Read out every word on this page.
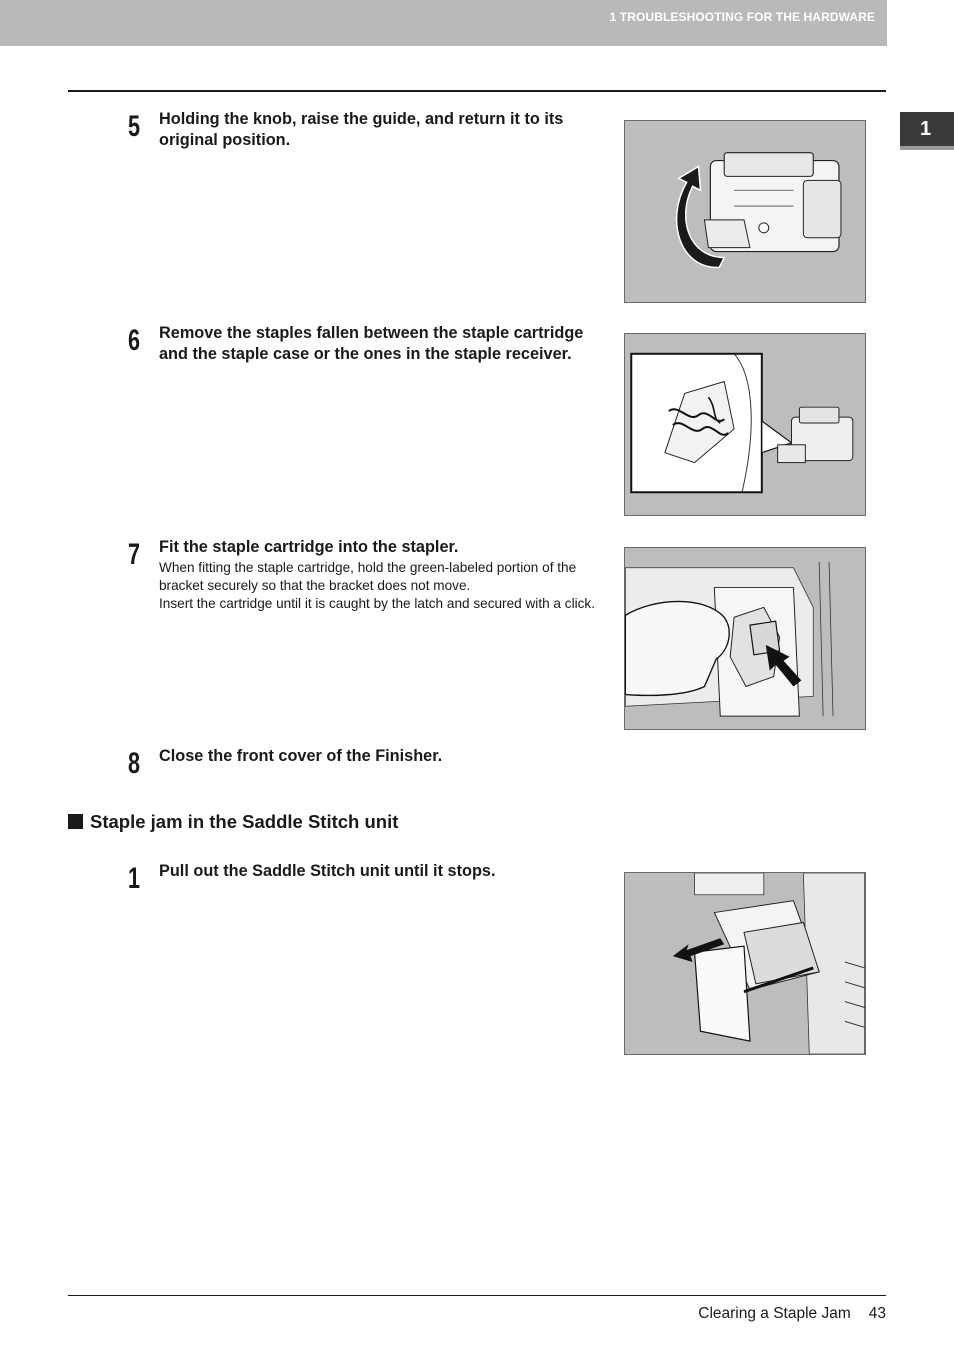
1 TROUBLESHOOTING FOR THE HARDWARE
1
5 Holding the knob, raise the guide, and return it to its original position.
6 Remove the staples fallen between the staple cartridge and the staple case or the ones in the staple receiver.
7 Fit the staple cartridge into the stapler.
When fitting the staple cartridge, hold the green-labeled portion of the bracket securely so that the bracket does not move.
Insert the cartridge until it is caught by the latch and secured with a click.
8 Close the front cover of the Finisher.
Staple jam in the Saddle Stitch unit
1 Pull out the Saddle Stitch unit until it stops.
Clearing a Staple Jam 43
